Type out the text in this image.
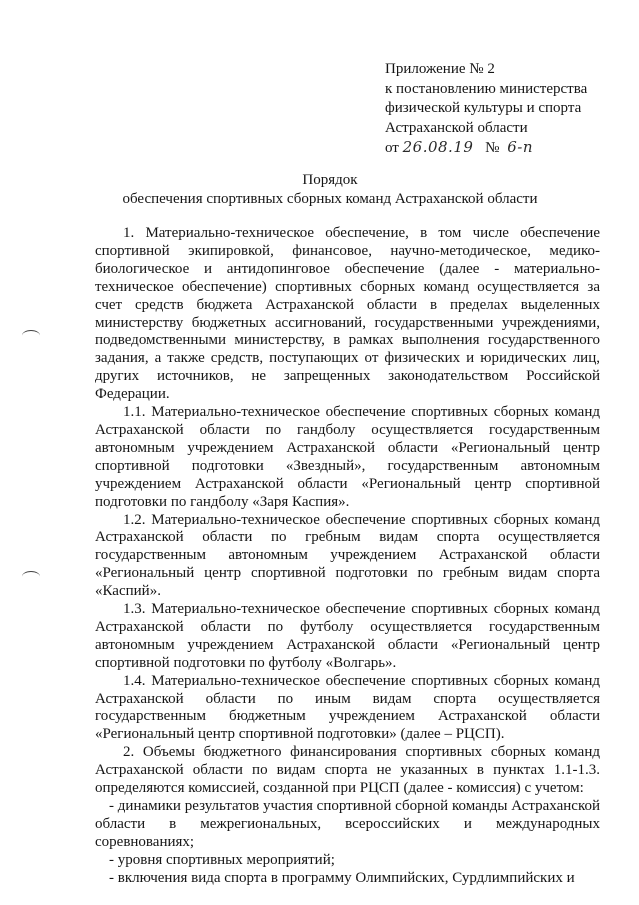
Приложение № 2
к постановлению министерства
физической культуры и спорта
Астраханской области
от 26.08.19 № 6-п
Порядок
обеспечения спортивных сборных команд Астраханской области

1. Материально-техническое обеспечение, в том числе обеспечение спортивной экипировкой, финансовое, научно-методическое, медико-биологическое и антидопинговое обеспечение (далее - материально-техническое обеспечение) спортивных сборных команд осуществляется за счет средств бюджета Астраханской области в пределах выделенных министерству бюджетных ассигнований, государственными учреждениями, подведомственными министерству, в рамках выполнения государственного задания, а также средств, поступающих от физических и юридических лиц, других источников, не запрещенных законодательством Российской Федерации.

1.1. Материально-техническое обеспечение спортивных сборных команд Астраханской области по гандболу осуществляется государственным автономным учреждением Астраханской области «Региональный центр спортивной подготовки «Звездный», государственным автономным учреждением Астраханской области «Региональный центр спортивной подготовки по гандболу «Заря Каспия».

1.2. Материально-техническое обеспечение спортивных сборных команд Астраханской области по гребным видам спорта осуществляется государственным автономным учреждением Астраханской области «Региональный центр спортивной подготовки по гребным видам спорта «Каспий».

1.3. Материально-техническое обеспечение спортивных сборных команд Астраханской области по футболу осуществляется государственным автономным учреждением Астраханской области «Региональный центр спортивной подготовки по футболу «Волгарь».

1.4. Материально-техническое обеспечение спортивных сборных команд Астраханской области по иным видам спорта осуществляется государственным бюджетным учреждением Астраханской области «Региональный центр спортивной подготовки» (далее – РЦСП).

2. Объемы бюджетного финансирования спортивных сборных команд Астраханской области по видам спорта не указанных в пунктах 1.1-1.3. определяются комиссией, созданной при РЦСП (далее - комиссия) с учетом:

- динамики результатов участия спортивной сборной команды Астраханской области в межрегиональных, всероссийских и международных соревнованиях;

- уровня спортивных мероприятий;

- включения вида спорта в программу Олимпийских, Сурдлимпийских и
